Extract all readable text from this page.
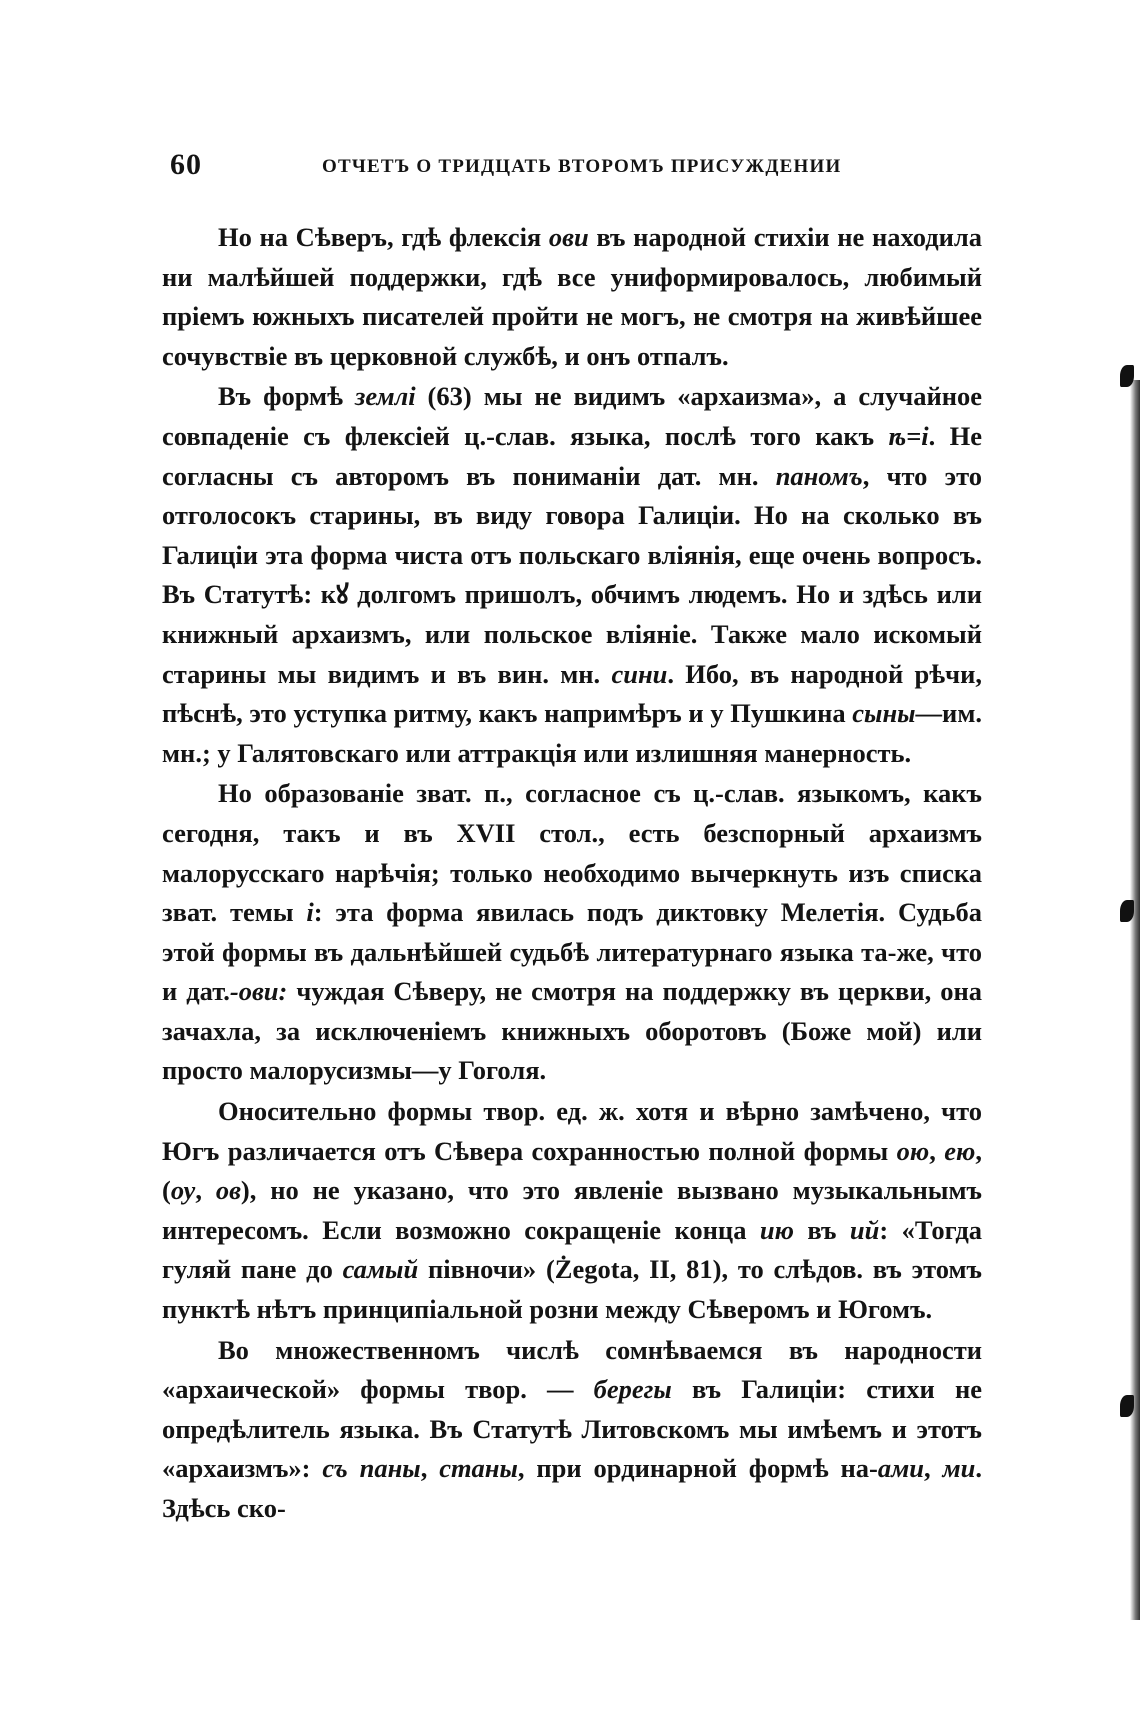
60	ОТЧЕТЪ О ТРИДЦАТЬ ВТОРОМЪ ПРИСУЖДЕНИИ

Но на Сѣверъ, гдѣ флексія ови въ народной стихіи не находила ни малѣйшей поддержки, гдѣ все униформировалось, любимый пріемъ южныхъ писателей пройти не могъ, не смотря на живѣйшее сочувствіе въ церковной службѣ, и онъ отпалъ.

Въ формѣ землі (63) мы не видимъ «архаизма», а случайное совпаденіе съ флексіей ц.-слав. языка, послѣ того какъ ѣ=і. Не согласны съ авторомъ въ пониманіи дат. мн. паномъ, что это отголосокъ старины, въ виду говора Галиціи. Но на сколько въ Галиціи эта форма чиста отъ польскаго вліянія, еще очень вопросъ. Въ Статутѣ: кꙋ долгомъ пришолъ, обчимъ людемъ. Но и здѣсь или книжный архаизмъ, или польское вліяніе. Также мало искомый старины мы видимъ и въ вин. мн. сини. Ибо, въ народной рѣчи, пѣснѣ, это уступка ритму, какъ напримѣръ и у Пушкина сыны—им. мн.; у Галятовскаго или аттракція или излишняя манерность.

Но образованіе зват. п., согласное съ ц.-слав. языкомъ, какъ сегодня, такъ и въ XVII стол., есть безспорный архаизмъ малорусскаго нарѣчія; только необходимо вычеркнуть изъ списка зват. темы і: эта форма явилась подъ диктовку Мелетія. Судьба этой формы въ дальнѣйшей судьбѣ литературнаго языка та-же, что и дат.-ови: чуждая Сѣверу, не смотря на поддержку въ церкви, она зачахла, за исключеніемъ книжныхъ оборотовъ (Боже мой) или просто малорусизмы—у Гоголя.

Оноcительно формы твор. ед. ж. хотя и вѣрно замѣчено, что Югъ различается отъ Сѣвера сохранностью полной формы ою, ею, (оу, ов), но не указано, что это явленіе вызвано музыкальнымъ интересомъ. Если возможно сокращеніе конца ию въ ий: «Тогда гуляй пане до самый півночи» (Żegota, II, 81), то слѣдов. въ этомъ пунктѣ нѣтъ принципіальной розни между Сѣверомъ и Югомъ.

Во множественномъ числѣ сомнѣваемся въ народности «архаической» формы твор. — берегы въ Галиціи: стихи не опредѣлитель языка. Въ Статутѣ Литовскомъ мы имѣемъ и этотъ «архаизмъ»: съ паны, станы, при ординарной формѣ на-ами, ми. Здѣсь ско-
